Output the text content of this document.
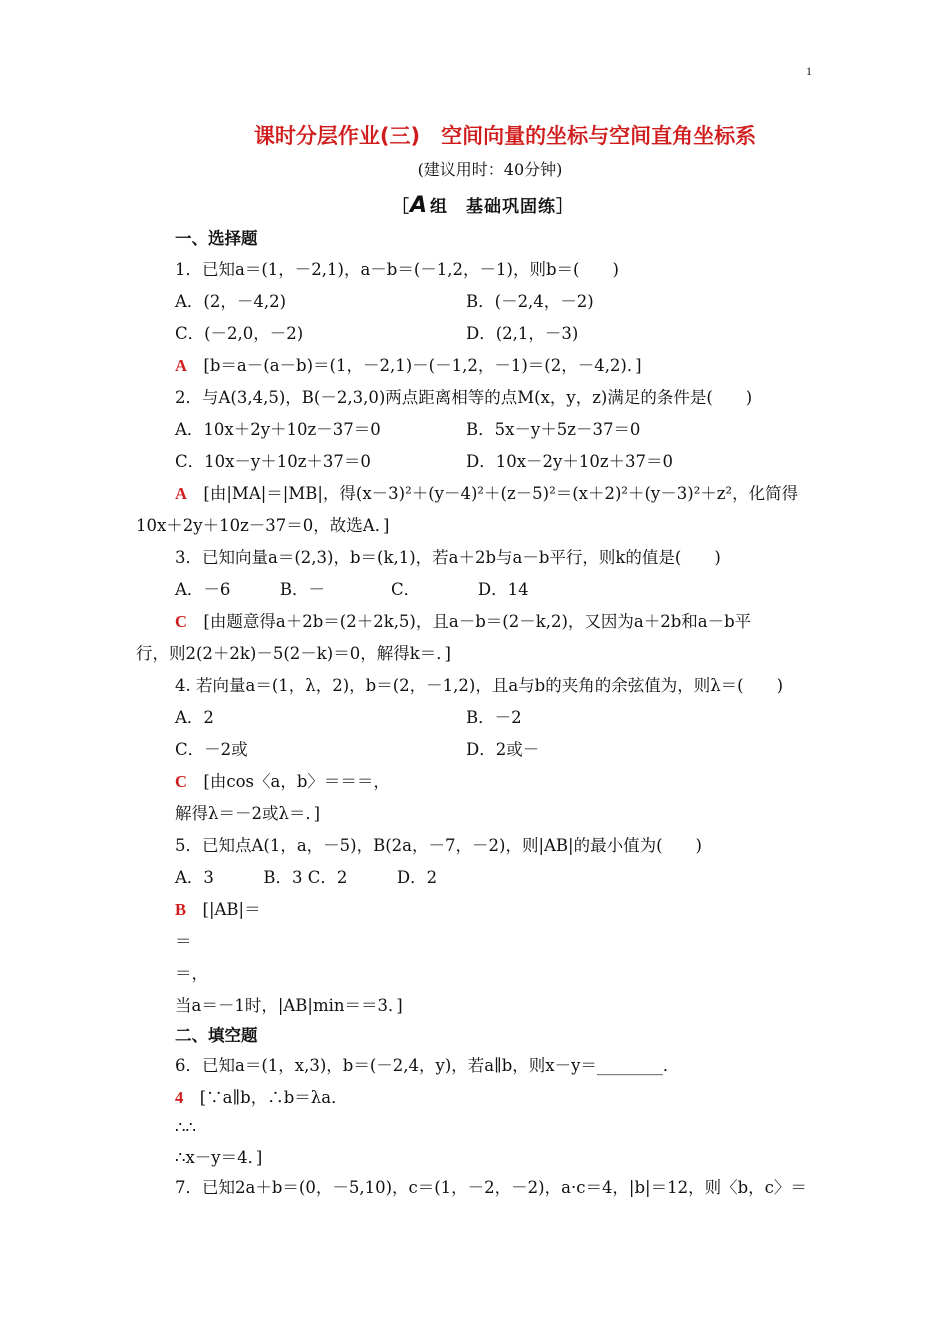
1
课时分层作业(三)　空间向量的坐标与空间直角坐标系
(建议用时：40分钟)
［A 组　基础巩固练］
一、选择题
1．已知a＝(1，－2,1)，a－b＝(－1,2，－1)，则b＝(　　)
A．(2，－4,2)	B．(－2,4，－2)
C．(－2,0，－2)	D．(2,1，－3)
A　[b＝a－(a－b)＝(1，－2,1)－(－1,2，－1)＝(2，－4,2)．]
2．与A(3,4,5)，B(－2,3,0)两点距离相等的点M(x，y，z)满足的条件是(　　)
A．10x＋2y＋10z－37＝0	B．5x－y＋5z－37＝0
C．10x－y＋10z＋37＝0	D．10x－2y＋10z＋37＝0
A　[由|MA|＝|MB|，得(x－3)²＋(y－4)²＋(z－5)²＝(x＋2)²＋(y－3)²＋z²，化简得
10x＋2y＋10z－37＝0，故选A．]
3．已知向量a＝(2,3)，b＝(k,1)，若a＋2b与a－b平行，则k的值是(　　)
A．－6　　　B．－　　　　C．　　　　D．14
C　[由题意得a＋2b＝(2＋2k,5)，且a－b＝(2－k,2)，又因为a＋2b和a－b平
行，则2(2＋2k)－5(2－k)＝0，解得k＝．]
4. 若向量a＝(1，λ，2)，b＝(2，－1,2)，且a与b的夹角的余弦值为，则λ＝(　　)
A．2	B．－2
C．－2或	D．2或－
C　[由cos〈a，b〉＝＝＝，
解得λ＝－2或λ＝．]
5．已知点A(1，a，－5)，B(2a，－7，－2)，则|AB|的最小值为(　　)
A．3　　　B．3 C．2　　　D．2
B　[|AB|＝
＝
＝，
当a＝－1时，|AB|min＝＝3．]
二、填空题
6．已知a＝(1，x,3)，b＝(－2,4，y)，若a∥b，则x－y＝________．
4　[∵a∥b，∴b＝λa．
∴∴
∴x－y＝4．]
7．已知2a＋b＝(0，－5,10)，c＝(1，－2，－2)，a·c＝4，|b|＝12，则〈b，c〉＝
